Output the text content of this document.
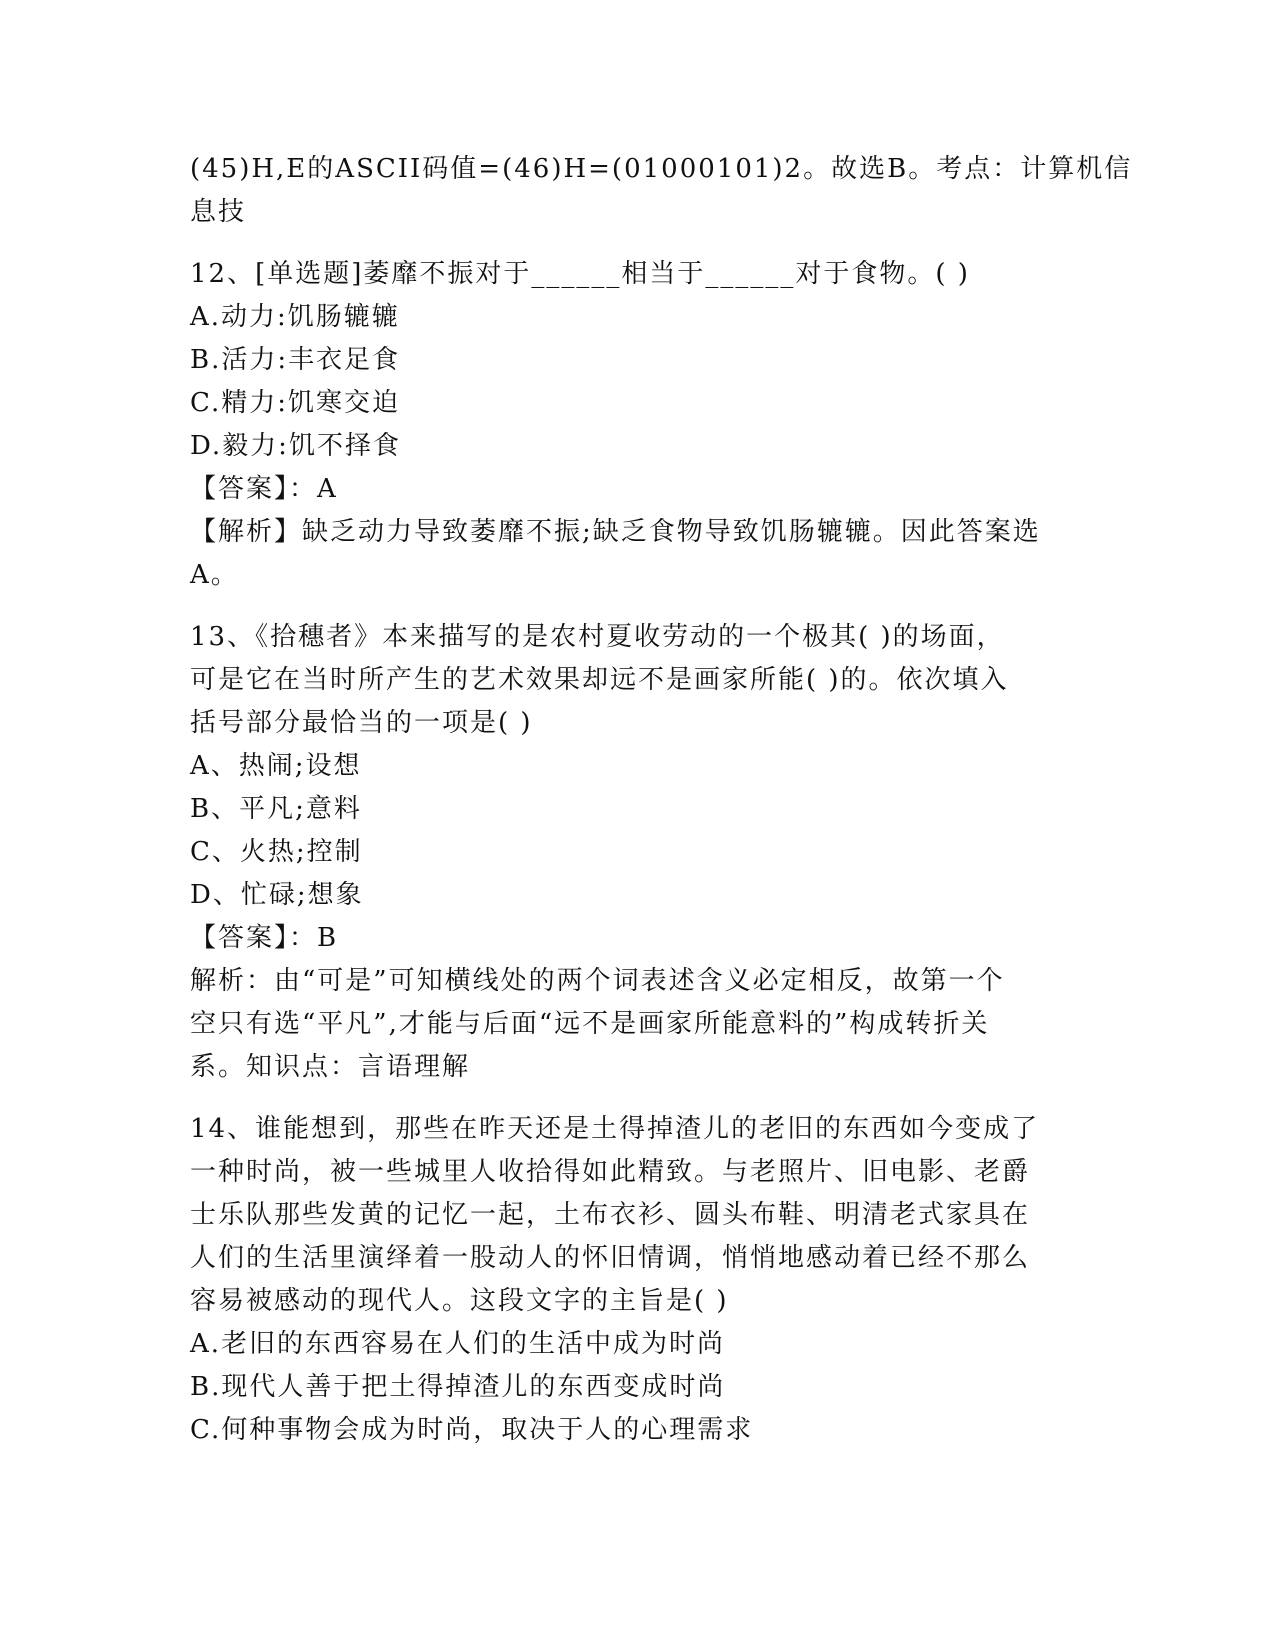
(45)H,E的ASCII码值=(46)H=(01000101)2。故选B。考点：计算机信
息技
12、[单选题]萎靡不振对于______相当于______对于食物。( )
A.动力:饥肠辘辘
B.活力:丰衣足食
C.精力:饥寒交迫
D.毅力:饥不择食
【答案】：A
【解析】缺乏动力导致萎靡不振;缺乏食物导致饥肠辘辘。因此答案选
A。
13、《拾穗者》本来描写的是农村夏收劳动的一个极其( )的场面，
可是它在当时所产生的艺术效果却远不是画家所能( )的。依次填入
括号部分最恰当的一项是( )
A、热闹;设想
B、平凡;意料
C、火热;控制
D、忙碌;想象
【答案】：B
解析：由“可是”可知横线处的两个词表述含义必定相反，故第一个
空只有选“平凡”,才能与后面“远不是画家所能意料的”构成转折关
系。知识点：言语理解
14、谁能想到，那些在昨天还是土得掉渣儿的老旧的东西如今变成了
一种时尚，被一些城里人收拾得如此精致。与老照片、旧电影、老爵
士乐队那些发黄的记忆一起，土布衣衫、圆头布鞋、明清老式家具在
人们的生活里演绎着一股动人的怀旧情调，悄悄地感动着已经不那么
容易被感动的现代人。这段文字的主旨是( )
A.老旧的东西容易在人们的生活中成为时尚
B.现代人善于把土得掉渣儿的东西变成时尚
C.何种事物会成为时尚，取决于人的心理需求
